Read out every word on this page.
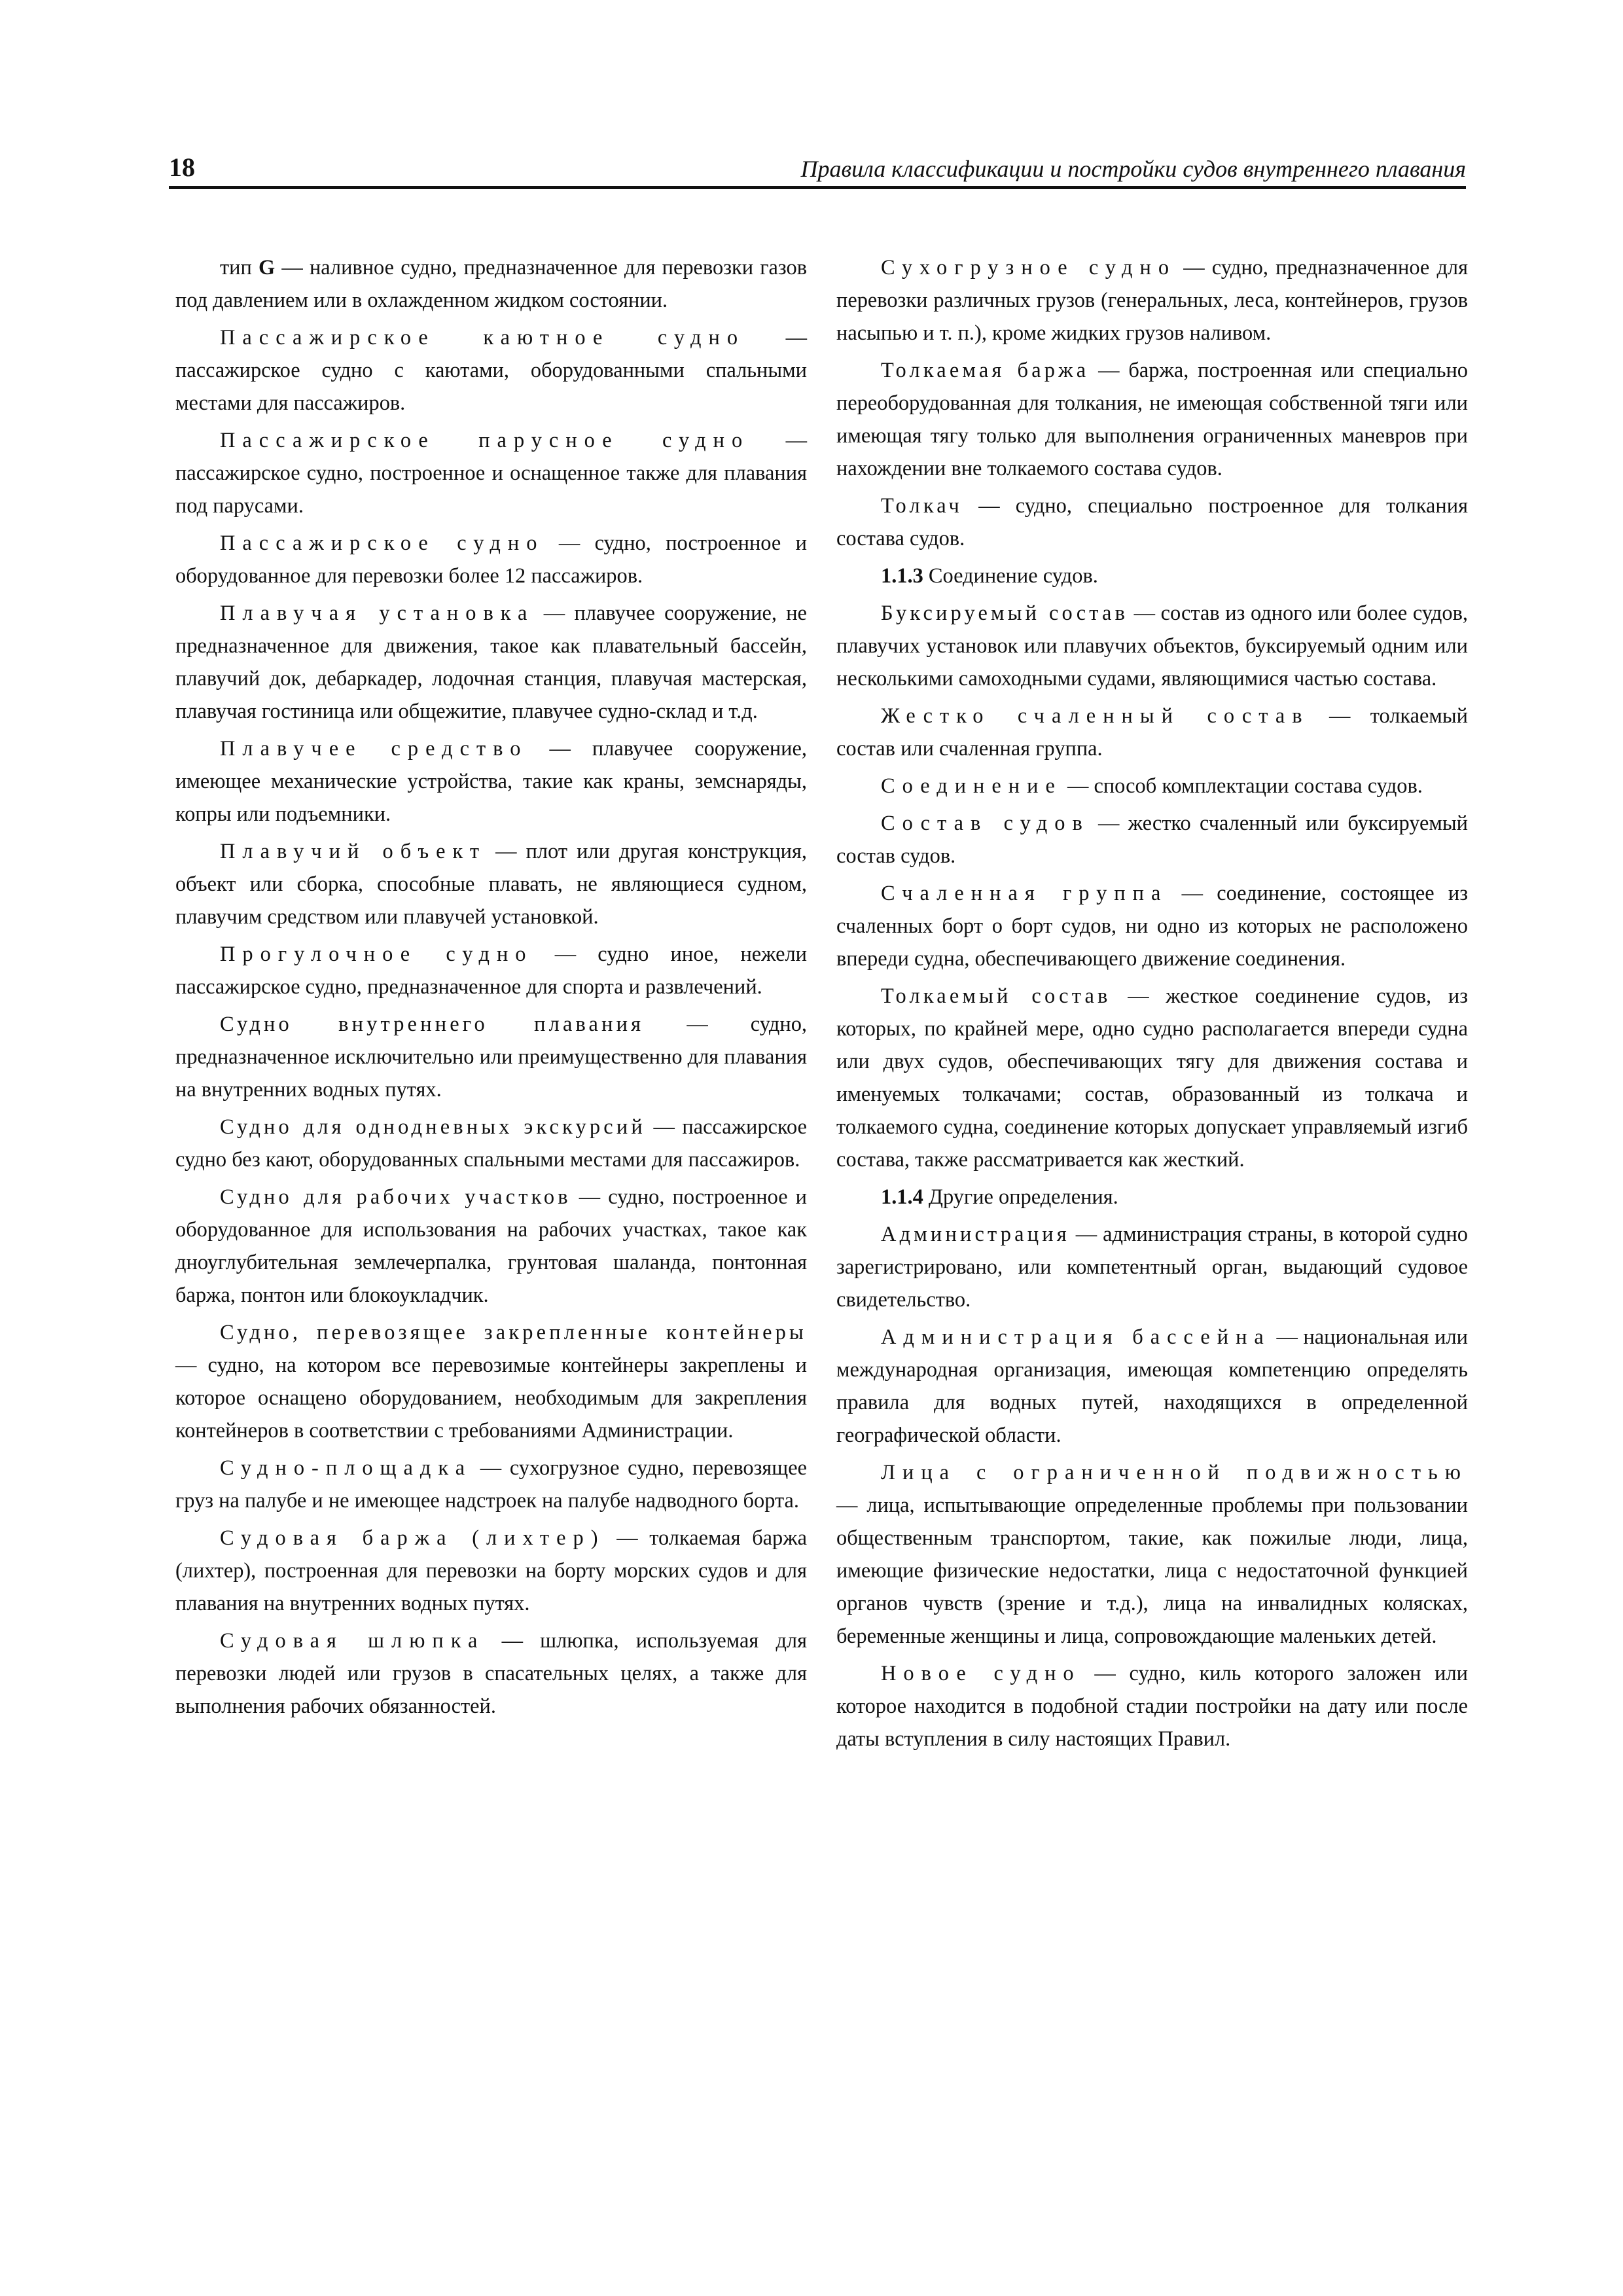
18	Правила классификации и постройки судов внутреннего плавания

тип G — наливное судно, предназначенное для перевозки газов под давлением или в охлажденном жидком состоянии.

Пассажирское каютное судно — пассажирское судно с каютами, оборудованными спальными местами для пассажиров.

Пассажирское парусное судно — пассажирское судно, построенное и оснащенное также для плавания под парусами.

Пассажирское судно — судно, построенное и оборудованное для перевозки более 12 пассажиров.

Плавучая установка — плавучее сооружение, не предназначенное для движения, такое как плавательный бассейн, плавучий док, дебаркадер, лодочная станция, плавучая мастерская, плавучая гостиница или общежитие, плавучее судно-склад и т.д.

Плавучее средство — плавучее сооружение, имеющее механические устройства, такие как краны, земснаряды, копры или подъемники.

Плавучий объект — плот или другая конструкция, объект или сборка, способные плавать, не являющиеся судном, плавучим средством или плавучей установкой.

Прогулочное судно — судно иное, нежели пассажирское судно, предназначенное для спорта и развлечений.

Судно внутреннего плавания — судно, предназначенное исключительно или преимущественно для плавания на внутренних водных путях.

Судно для однодневных экскурсий — пассажирское судно без кают, оборудованных спальными местами для пассажиров.

Судно для рабочих участков — судно, построенное и оборудованное для использования на рабочих участках, такое как дноуглубительная землечерпалка, грунтовая шаланда, понтонная баржа, понтон или блокоукладчик.

Судно, перевозящее закрепленные контейнеры — судно, на котором все перевозимые контейнеры закреплены и которое оснащено оборудованием, необходимым для закрепления контейнеров в соответствии с требованиями Администрации.

Судно-площадка — сухогрузное судно, перевозящее груз на палубе и не имеющее надстроек на палубе надводного борта.

Судовая баржа (лихтер) — толкаемая баржа (лихтер), построенная для перевозки на борту морских судов и для плавания на внутренних водных путях.

Судовая шлюпка — шлюпка, используемая для перевозки людей или грузов в спасательных целях, а также для выполнения рабочих обязанностей.

Сухогрузное судно — судно, предназначенное для перевозки различных грузов (генеральных, леса, контейнеров, грузов насыпью и т. п.), кроме жидких грузов наливом.

Толкаемая баржа — баржа, построенная или специально переоборудованная для толкания, не имеющая собственной тяги или имеющая тягу только для выполнения ограниченных маневров при нахождении вне толкаемого состава судов.

Толкач — судно, специально построенное для толкания состава судов.

1.1.3 Соединение судов.

Буксируемый состав — состав из одного или более судов, плавучих установок или плавучих объектов, буксируемый одним или несколькими самоходными судами, являющимися частью состава.

Жестко счаленный состав — толкаемый состав или счаленная группа.

Соединение — способ комплектации состава судов.

Состав судов — жестко счаленный или буксируемый состав судов.

Счаленная группа — соединение, состоящее из счаленных борт о борт судов, ни одно из которых не расположено впереди судна, обеспечивающего движение соединения.

Толкаемый состав — жесткое соединение судов, из которых, по крайней мере, одно судно располагается впереди судна или двух судов, обеспечивающих тягу для движения состава и именуемых толкачами; состав, образованный из толкача и толкаемого судна, соединение которых допускает управляемый изгиб состава, также рассматривается как жесткий.

1.1.4 Другие определения.

Администрация — администрация страны, в которой судно зарегистрировано, или компетентный орган, выдающий судовое свидетельство.

Администрация бассейна — национальная или международная организация, имеющая компетенцию определять правила для водных путей, находящихся в определенной географической области.

Лица с ограниченной подвижностью — лица, испытывающие определенные проблемы при пользовании общественным транспортом, такие, как пожилые люди, лица, имеющие физические недостатки, лица с недостаточной функцией органов чувств (зрение и т.д.), лица на инвалидных колясках, беременные женщины и лица, сопровождающие маленьких детей.

Новое судно — судно, киль которого заложен или которое находится в подобной стадии постройки на дату или после даты вступления в силу настоящих Правил.
